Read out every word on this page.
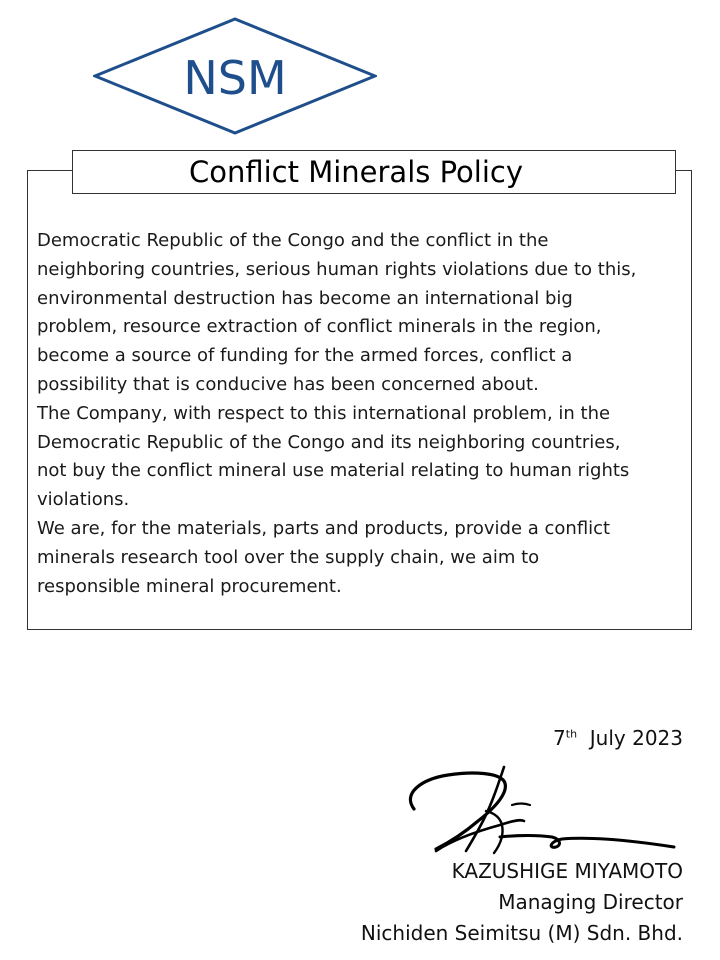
NSM
Conflict Minerals Policy
Democratic Republic of the Congo and the conflict in the
neighboring countries, serious human rights violations due to this,
environmental destruction has become an international big
problem, resource extraction of conflict minerals in the region,
become a source of funding for the armed forces, conflict a
possibility that is conducive has been concerned about.
The Company, with respect to this international problem, in the
Democratic Republic of the Congo and its neighboring countries,
not buy the conflict mineral use material relating to human rights
violations.
We are, for the materials, parts and products, provide a conflict
minerals research tool over the supply chain, we aim to
responsible mineral procurement.
7th July 2023
KAZUSHIGE MIYAMOTO
Managing Director
Nichiden Seimitsu (M) Sdn. Bhd.
